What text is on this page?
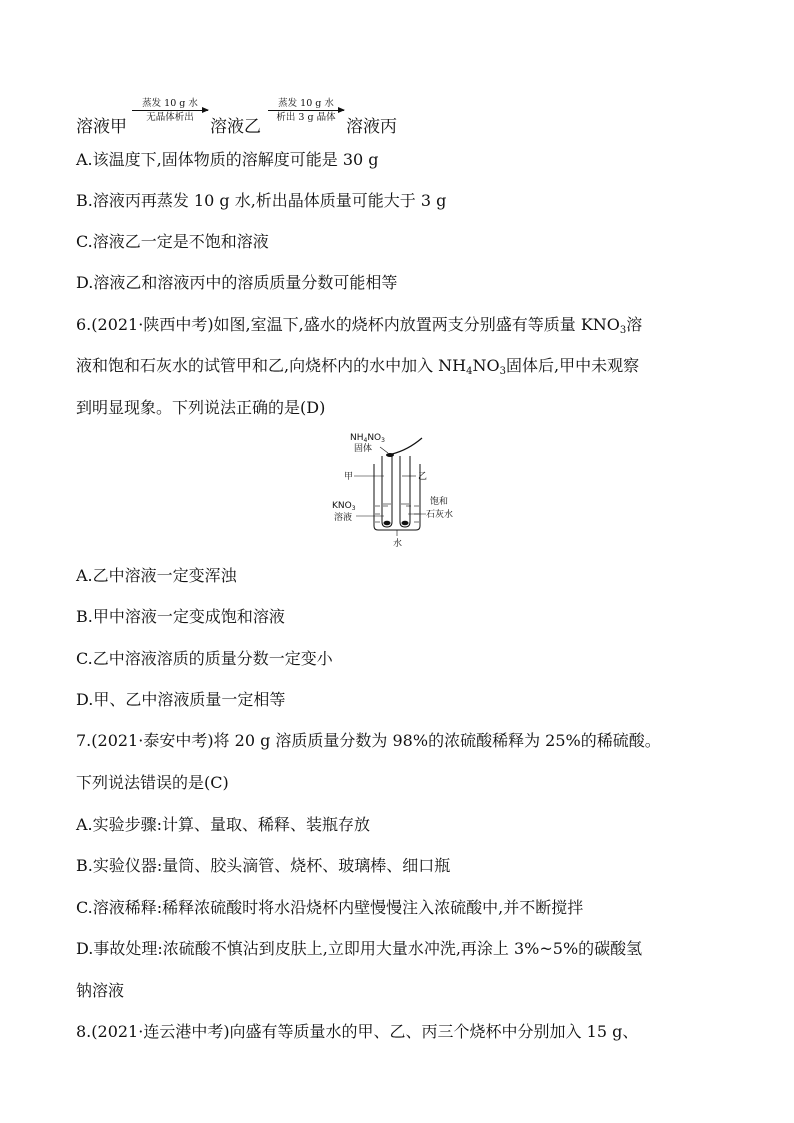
溶液甲
蒸发 10 g 水
无晶体析出 溶液乙
蒸发 10 g 水
析出 3 g 晶体 溶液丙
A.该温度下,固体物质的溶解度可能是 30 g
B.溶液丙再蒸发 10 g 水,析出晶体质量可能大于 3 g
C.溶液乙一定是不饱和溶液
D.溶液乙和溶液丙中的溶质质量分数可能相等
6.(2021·陕西中考)如图,室温下,盛水的烧杯内放置两支分别盛有等质量 $KNO_3$溶
液和饱和石灰水的试管甲和乙,向烧杯内的水中加入 $NH_4NO_3$固体后,甲中未观察
到明显现象。下列说法正确的是(D)
$NH_4NO_3$
固体
甲	乙
$KNO_3$
溶液
饱和
石灰水
水
A.乙中溶液一定变浑浊
B.甲中溶液一定变成饱和溶液
C.乙中溶液溶质的质量分数一定变小
D.甲、乙中溶液质量一定相等
7.(2021·泰安中考)将 20 g 溶质质量分数为 98%的浓硫酸稀释为 25%的稀硫酸。
下列说法错误的是(C)
A.实验步骤:计算、量取、稀释、装瓶存放
B.实验仪器:量筒、胶头滴管、烧杯、玻璃棒、细口瓶
C.溶液稀释:稀释浓硫酸时将水沿烧杯内壁慢慢注入浓硫酸中,并不断搅拌
D.事故处理:浓硫酸不慎沾到皮肤上,立即用大量水冲洗,再涂上 3%~5%的碳酸氢
钠溶液
8.(2021·连云港中考)向盛有等质量水的甲、乙、丙三个烧杯中分别加入 15 g、
